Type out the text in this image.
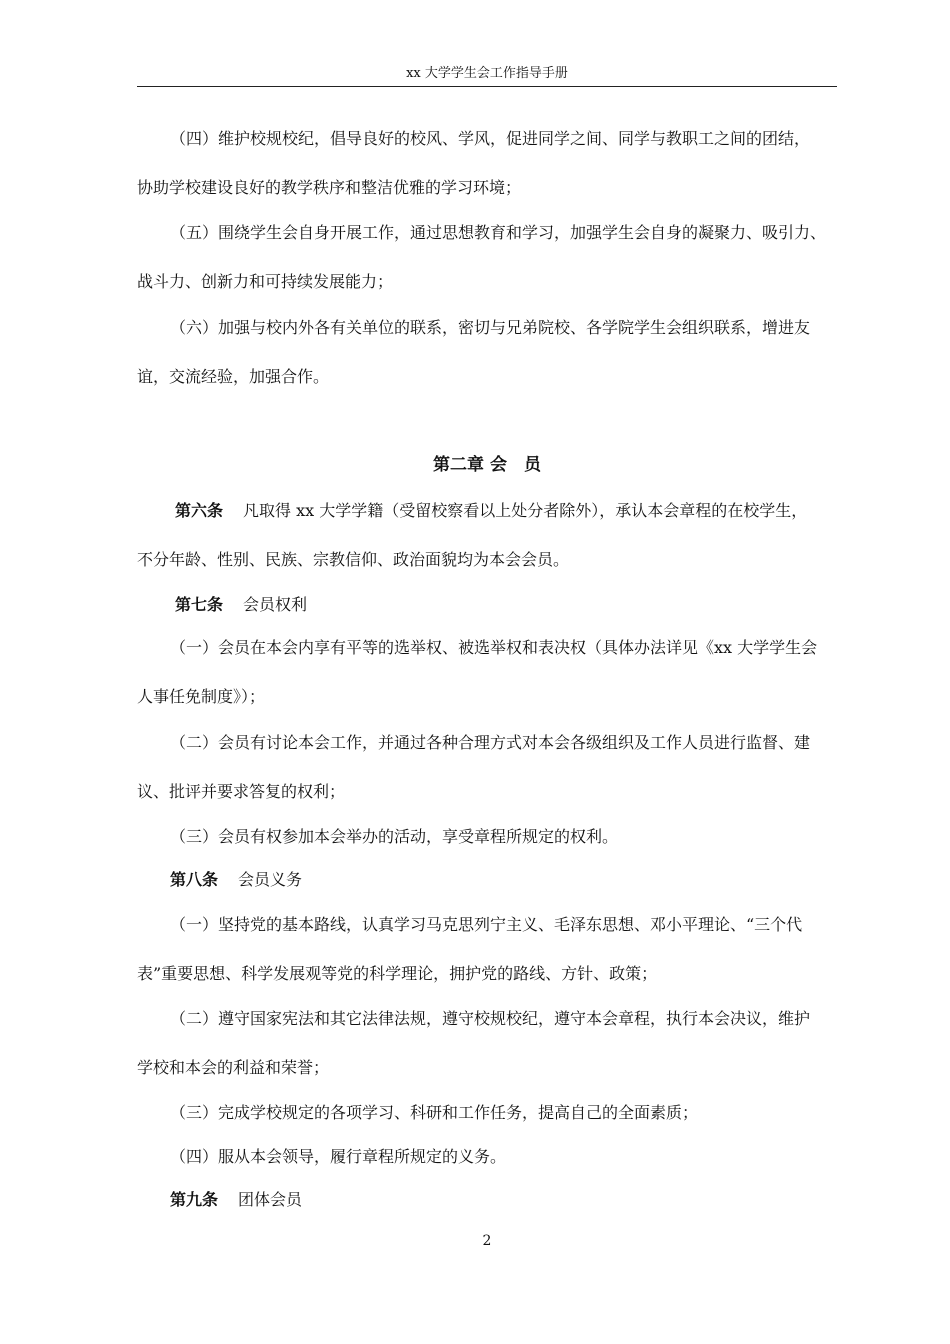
xx 大学学生会工作指导手册
（四）维护校规校纪，倡导良好的校风、学风，促进同学之间、同学与教职工之间的团结，
协助学校建设良好的教学秩序和整洁优雅的学习环境；
（五）围绕学生会自身开展工作，通过思想教育和学习，加强学生会自身的凝聚力、吸引力、
战斗力、创新力和可持续发展能力；
（六）加强与校内外各有关单位的联系，密切与兄弟院校、各学院学生会组织联系，增进友
谊，交流经验，加强合作。
第二章 会　员
第六条 凡取得 xx 大学学籍（受留校察看以上处分者除外），承认本会章程的在校学生，
不分年龄、性别、民族、宗教信仰、政治面貌均为本会会员。
第七条 会员权利
（一）会员在本会内享有平等的选举权、被选举权和表决权（具体办法详见《xx 大学学生会
人事任免制度》）；
（二）会员有讨论本会工作，并通过各种合理方式对本会各级组织及工作人员进行监督、建
议、批评并要求答复的权利；
（三）会员有权参加本会举办的活动，享受章程所规定的权利。
第八条 会员义务
（一）坚持党的基本路线，认真学习马克思列宁主义、毛泽东思想、邓小平理论、“三个代
表”重要思想、科学发展观等党的科学理论，拥护党的路线、方针、政策；
（二）遵守国家宪法和其它法律法规，遵守校规校纪，遵守本会章程，执行本会决议，维护
学校和本会的利益和荣誉；
（三）完成学校规定的各项学习、科研和工作任务，提高自己的全面素质；
（四）服从本会领导，履行章程所规定的义务。
第九条 团体会员
2
